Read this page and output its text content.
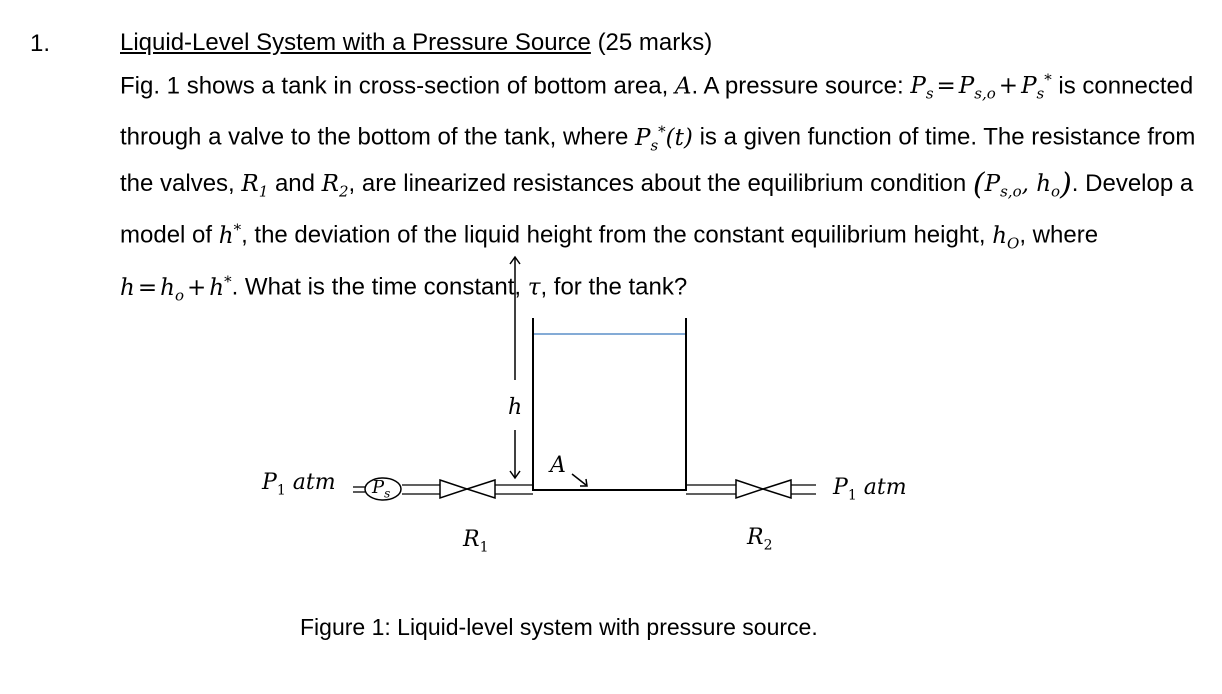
1.	Liquid-Level System with a Pressure Source (25 marks)
Fig. 1 shows a tank in cross-section of bottom area, A. A pressure source: $P_s = P_{s,o} + P_s^*$ is connected through a valve to the bottom of the tank, where $P_s^*(t)$ is a given function of time. The resistance from the valves, $R_1$ and $R_2$, are linearized resistances about the equilibrium condition ($P_{s,o}$, $h_o$). Develop a model of h*, the deviation of the liquid height from the constant equilibrium height, $h_O$, where $h = h_o + h^*$. What is the time constant, τ, for the tank?

$P_1$ atm $P_s$
h
A
$R_1$	$R_2$
$P_1$ atm
Figure 1: Liquid-level system with pressure source.
